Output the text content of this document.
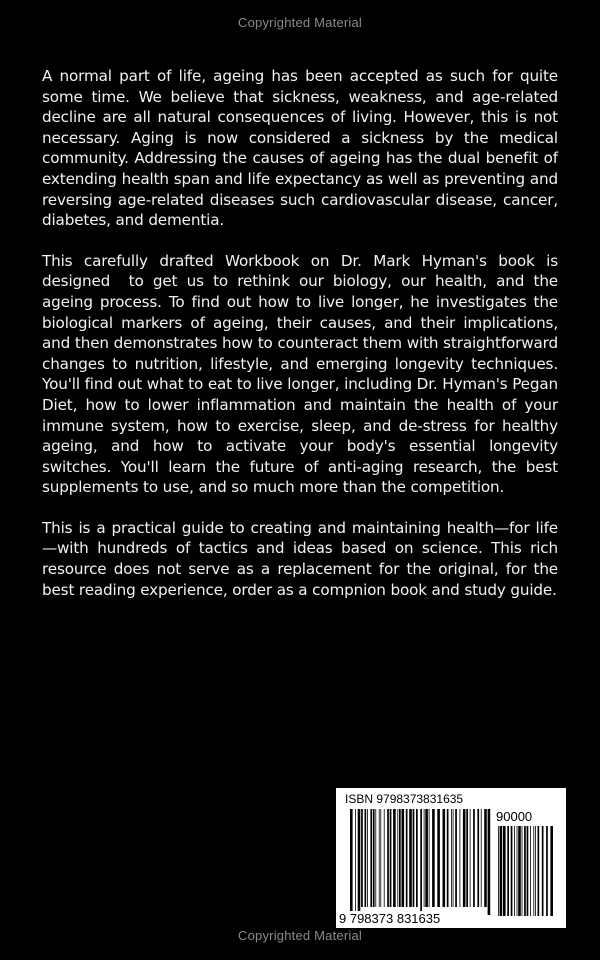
Copyrighted Material

A normal part of life, ageing has been accepted as such for quite some time. We believe that sickness, weakness, and age-related decline are all natural consequences of living. However, this is not necessary. Aging is now considered a sickness by the medical community. Addressing the causes of ageing has the dual benefit of extending health span and life expectancy as well as preventing and reversing age-related diseases such cardiovascular disease, cancer, diabetes, and dementia.

This carefully drafted Workbook on Dr. Mark Hyman's book is designed  to get us to rethink our biology, our health, and the ageing process. To find out how to live longer, he investigates the biological markers of ageing, their causes, and their implications, and then demonstrates how to counteract them with straightforward changes to nutrition, lifestyle, and emerging longevity techniques. You'll find out what to eat to live longer, including Dr. Hyman's Pegan Diet, how to lower inflammation and maintain the health of your immune system, how to exercise, sleep, and de-stress for healthy ageing, and how to activate your body's essential longevity switches. You'll learn the future of anti-aging research, the best supplements to use, and so much more than the competition.

This is a practical guide to creating and maintaining health—for life—with hundreds of tactics and ideas based on science. This rich resource does not serve as a replacement for the original, for the best reading experience, order as a compnion book and study guide.

ISBN 9798373831635
90000
9 798373 831635
Copyrighted Material
